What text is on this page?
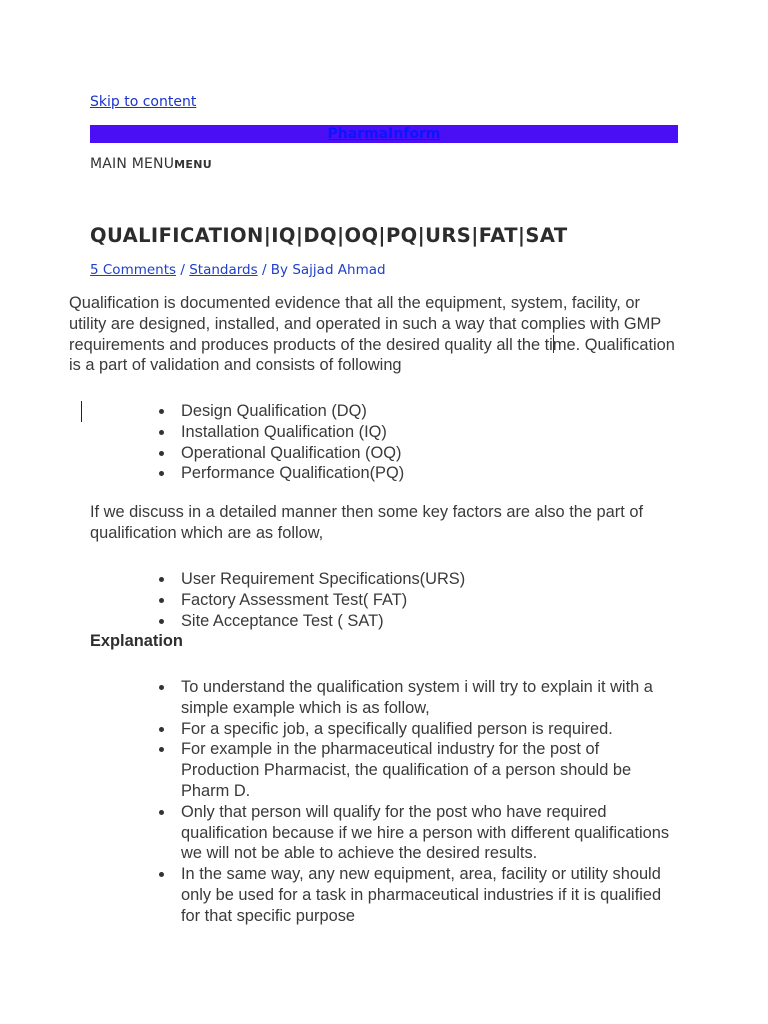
Skip to content
PharmaInform
MAIN MENUMENU
QUALIFICATION|IQ|DQ|OQ|PQ|URS|FAT|SAT
5 Comments / Standards / By Sajjad Ahmad

Qualification is documented evidence that all the equipment, system, facility, or utility are designed, installed, and operated in such a way that complies with GMP requirements and produces products of the desired quality all the time. Qualification is a part of validation and consists of following

Design Qualification (DQ)
Installation Qualification (IQ)
Operational Qualification (OQ)
Performance Qualification(PQ)

If we discuss in a detailed manner then some key factors are also the part of qualification which are as follow,

User Requirement Specifications(URS)
Factory Assessment Test( FAT)
Site Acceptance Test ( SAT)

Explanation

To understand the qualification system i will try to explain it with a simple example which is as follow,
For a specific job, a specifically qualified person is required.
For example in the pharmaceutical industry for the post of Production Pharmacist, the qualification of a person should be Pharm D.
Only that person will qualify for the post who have required qualification because if we hire a person with different qualifications we will not be able to achieve the desired results.
In the same way, any new equipment, area, facility or utility should only be used for a task in pharmaceutical industries if it is qualified for that specific purpose
